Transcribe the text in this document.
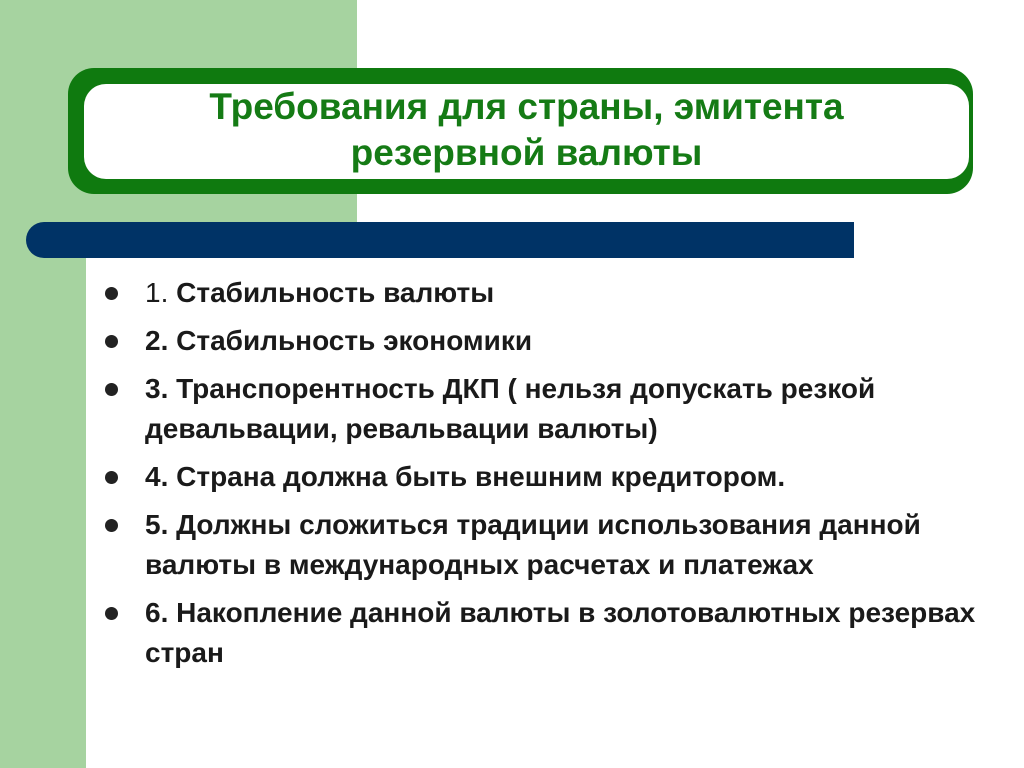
Требования для страны, эмитента
резервной валюты
1. Стабильность валюты
2. Стабильность экономики
3. Транспорентность ДКП ( нельзя допускать резкой девальвации, ревальвации валюты)
4. Страна должна быть внешним кредитором.
5. Должны сложиться традиции использования данной валюты в международных расчетах и платежах
6. Накопление данной валюты в золотовалютных резервах стран
